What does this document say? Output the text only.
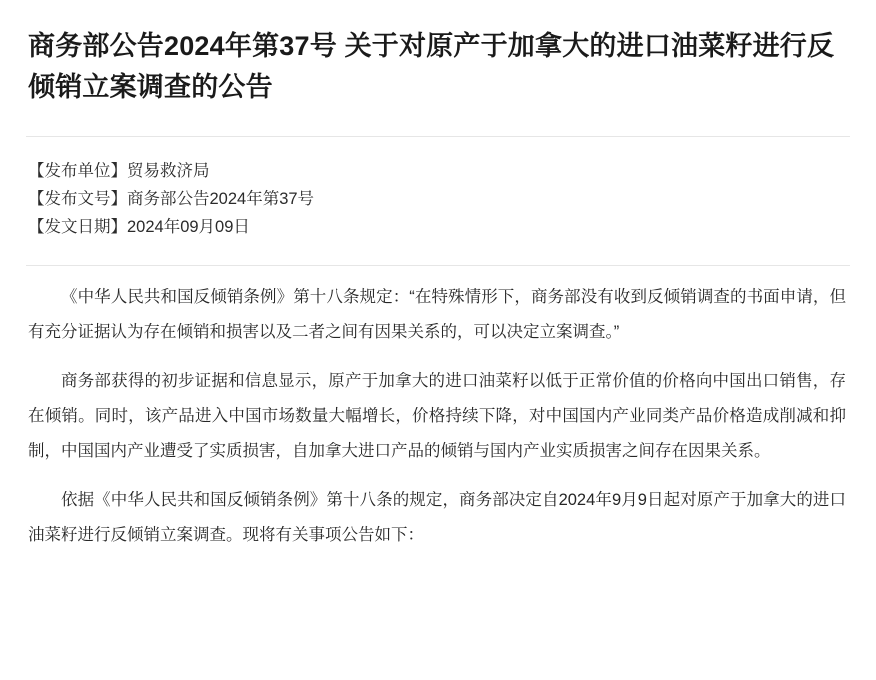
商务部公告2024年第37号 关于对原产于加拿大的进口油菜籽进行反倾销立案调查的公告
【发布单位】贸易救济局
【发布文号】商务部公告2024年第37号
【发文日期】2024年09月09日

《中华人民共和国反倾销条例》第十八条规定：“在特殊情形下，商务部没有收到反倾销调查的书面申请，但有充分证据认为存在倾销和损害以及二者之间有因果关系的，可以决定立案调查。”

商务部获得的初步证据和信息显示，原产于加拿大的进口油菜籽以低于正常价值的价格向中国出口销售，存在倾销。同时，该产品进入中国市场数量大幅增长，价格持续下降，对中国国内产业同类产品价格造成削减和抑制，中国国内产业遭受了实质损害，自加拿大进口产品的倾销与国内产业实质损害之间存在因果关系。

依据《中华人民共和国反倾销条例》第十八条的规定，商务部决定自2024年9月9日起对原产于加拿大的进口油菜籽进行反倾销立案调查。现将有关事项公告如下：
